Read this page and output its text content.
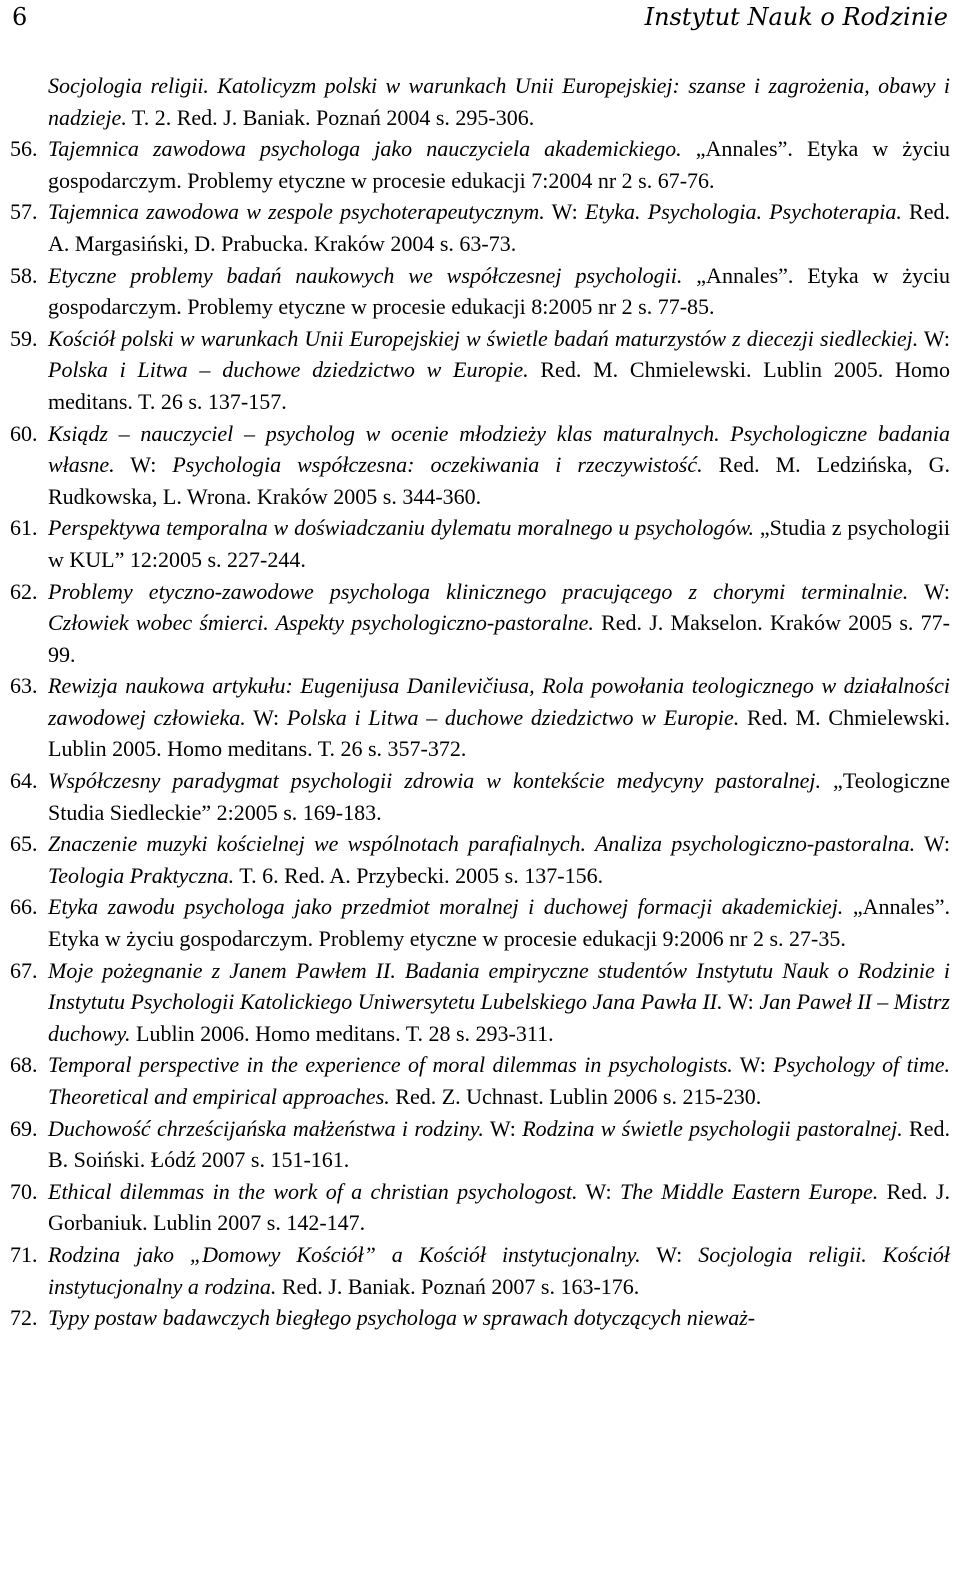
6	Instytut Nauk o Rodzinie

Socjologia religii. Katolicyzm polski w warunkach Unii Europejskiej: szanse i zagrożenia, obawy i nadzieje. T. 2. Red. J. Baniak. Poznań 2004 s. 295-306.

56. Tajemnica zawodowa psychologa jako nauczyciela akademickiego. „Annales”. Etyka w życiu gospodarczym. Problemy etyczne w procesie edukacji 7:2004 nr 2 s. 67-76.

57. Tajemnica zawodowa w zespole psychoterapeutycznym. W: Etyka. Psychologia. Psychoterapia. Red. A. Margasiński, D. Prabucka. Kraków 2004 s. 63-73.

58. Etyczne problemy badań naukowych we współczesnej psychologii. „Annales”. Etyka w życiu gospodarczym. Problemy etyczne w procesie edukacji 8:2005 nr 2 s. 77-85.

59. Kościół polski w warunkach Unii Europejskiej w świetle badań maturzystów z diecezji siedleckiej. W: Polska i Litwa – duchowe dziedzictwo w Europie. Red. M. Chmielewski. Lublin 2005. Homo meditans. T. 26 s. 137-157.

60. Ksiądz – nauczyciel – psycholog w ocenie młodzieży klas maturalnych. Psychologiczne badania własne. W: Psychologia współczesna: oczekiwania i rzeczywistość. Red. M. Ledzińska, G. Rudkowska, L. Wrona. Kraków 2005 s. 344-360.

61. Perspektywa temporalna w doświadczaniu dylematu moralnego u psychologów. „Studia z psychologii w KUL” 12:2005 s. 227-244.

62. Problemy etyczno-zawodowe psychologa klinicznego pracującego z chorymi terminalnie. W: Człowiek wobec śmierci. Aspekty psychologiczno-pastoralne. Red. J. Makselon. Kraków 2005 s. 77-99.

63. Rewizja naukowa artykułu: Eugenijusa Danilevičiusa, Rola powołania teologicznego w działalności zawodowej człowieka. W: Polska i Litwa – duchowe dziedzictwo w Europie. Red. M. Chmielewski. Lublin 2005. Homo meditans. T. 26 s. 357-372.

64. Współczesny paradygmat psychologii zdrowia w kontekście medycyny pastoralnej. „Teologiczne Studia Siedleckie” 2:2005 s. 169-183.

65. Znaczenie muzyki kościelnej we wspólnotach parafialnych. Analiza psychologiczno-pastoralna. W: Teologia Praktyczna. T. 6. Red. A. Przybecki. 2005 s. 137-156.

66. Etyka zawodu psychologa jako przedmiot moralnej i duchowej formacji akademickiej. „Annales”. Etyka w życiu gospodarczym. Problemy etyczne w procesie edukacji 9:2006 nr 2 s. 27-35.

67. Moje pożegnanie z Janem Pawłem II. Badania empiryczne studentów Instytutu Nauk o Rodzinie i Instytutu Psychologii Katolickiego Uniwersytetu Lubelskiego Jana Pawła II. W: Jan Paweł II – Mistrz duchowy. Lublin 2006. Homo meditans. T. 28 s. 293-311.

68. Temporal perspective in the experience of moral dilemmas in psychologists. W: Psychology of time. Theoretical and empirical approaches. Red. Z. Uchnast. Lublin 2006 s. 215-230.

69. Duchowość chrześcijańska małżeństwa i rodziny. W: Rodzina w świetle psychologii pastoralnej. Red. B. Soiński. Łódź 2007 s. 151-161.

70. Ethical dilemmas in the work of a christian psychologost. W: The Middle Eastern Europe. Red. J. Gorbaniuk. Lublin 2007 s. 142-147.

71. Rodzina jako „Domowy Kościół” a Kościół instytucjonalny. W: Socjologia religii. Kościół instytucjonalny a rodzina. Red. J. Baniak. Poznań 2007 s. 163-176.

72. Typy postaw badawczych biegłego psychologa w sprawach dotyczących nieważ-
